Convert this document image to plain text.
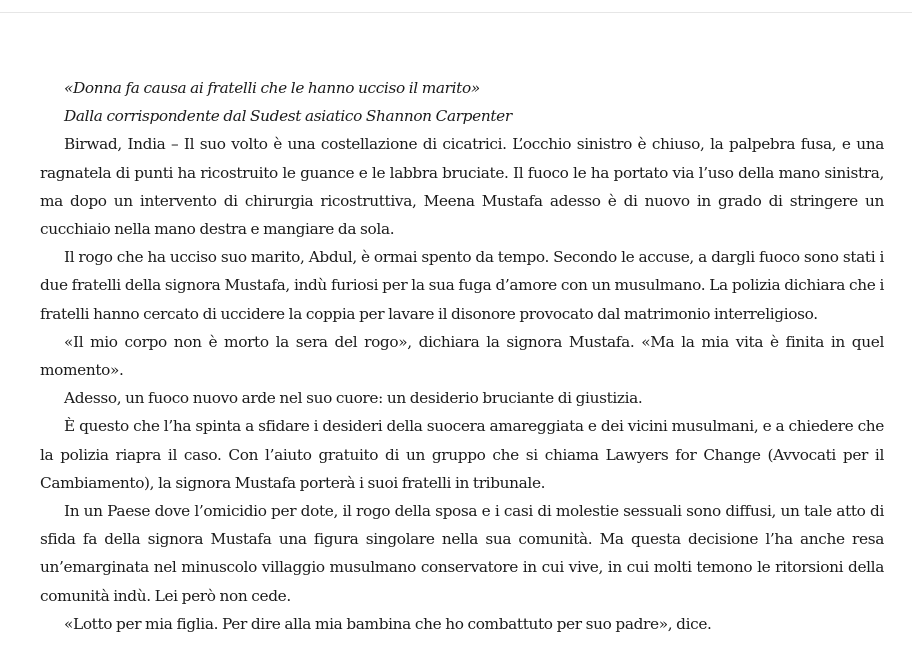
«Donna fa causa ai fratelli che le hanno ucciso il marito»

Dalla corrispondente dal Sudest asiatico Shannon Carpenter

Birwad, India – Il suo volto è una costellazione di cicatrici. L’occhio sinistro è chiuso, la palpebra fusa, e una ragnatela di punti ha ricostruito le guance e le labbra bruciate. Il fuoco le ha portato via l’uso della mano sinistra, ma dopo un intervento di chirurgia ricostruttiva, Meena Mustafa adesso è di nuovo in grado di stringere un cucchiaio nella mano destra e mangiare da sola.

Il rogo che ha ucciso suo marito, Abdul, è ormai spento da tempo. Secondo le accuse, a dargli fuoco sono stati i due fratelli della signora Mustafa, indù furiosi per la sua fuga d’amore con un musulmano. La polizia dichiara che i fratelli hanno cercato di uccidere la coppia per lavare il disonore provocato dal matrimonio interreligioso.

«Il mio corpo non è morto la sera del rogo», dichiara la signora Mustafa. «Ma la mia vita è finita in quel momento».

Adesso, un fuoco nuovo arde nel suo cuore: un desiderio bruciante di giustizia.

È questo che l’ha spinta a sfidare i desideri della suocera amareggiata e dei vicini musulmani, e a chiedere che la polizia riapra il caso. Con l’aiuto gratuito di un gruppo che si chiama Lawyers for Change (Avvocati per il Cambiamento), la signora Mustafa porterà i suoi fratelli in tribunale.

In un Paese dove l’omicidio per dote, il rogo della sposa e i casi di molestie sessuali sono diffusi, un tale atto di sfida fa della signora Mustafa una figura singolare nella sua comunità. Ma questa decisione l’ha anche resa un’emarginata nel minuscolo villaggio musulmano conservatore in cui vive, in cui molti temono le ritorsioni della comunità indù. Lei però non cede.

«Lotto per mia figlia. Per dire alla mia bambina che ho combattuto per suo padre», dice.
